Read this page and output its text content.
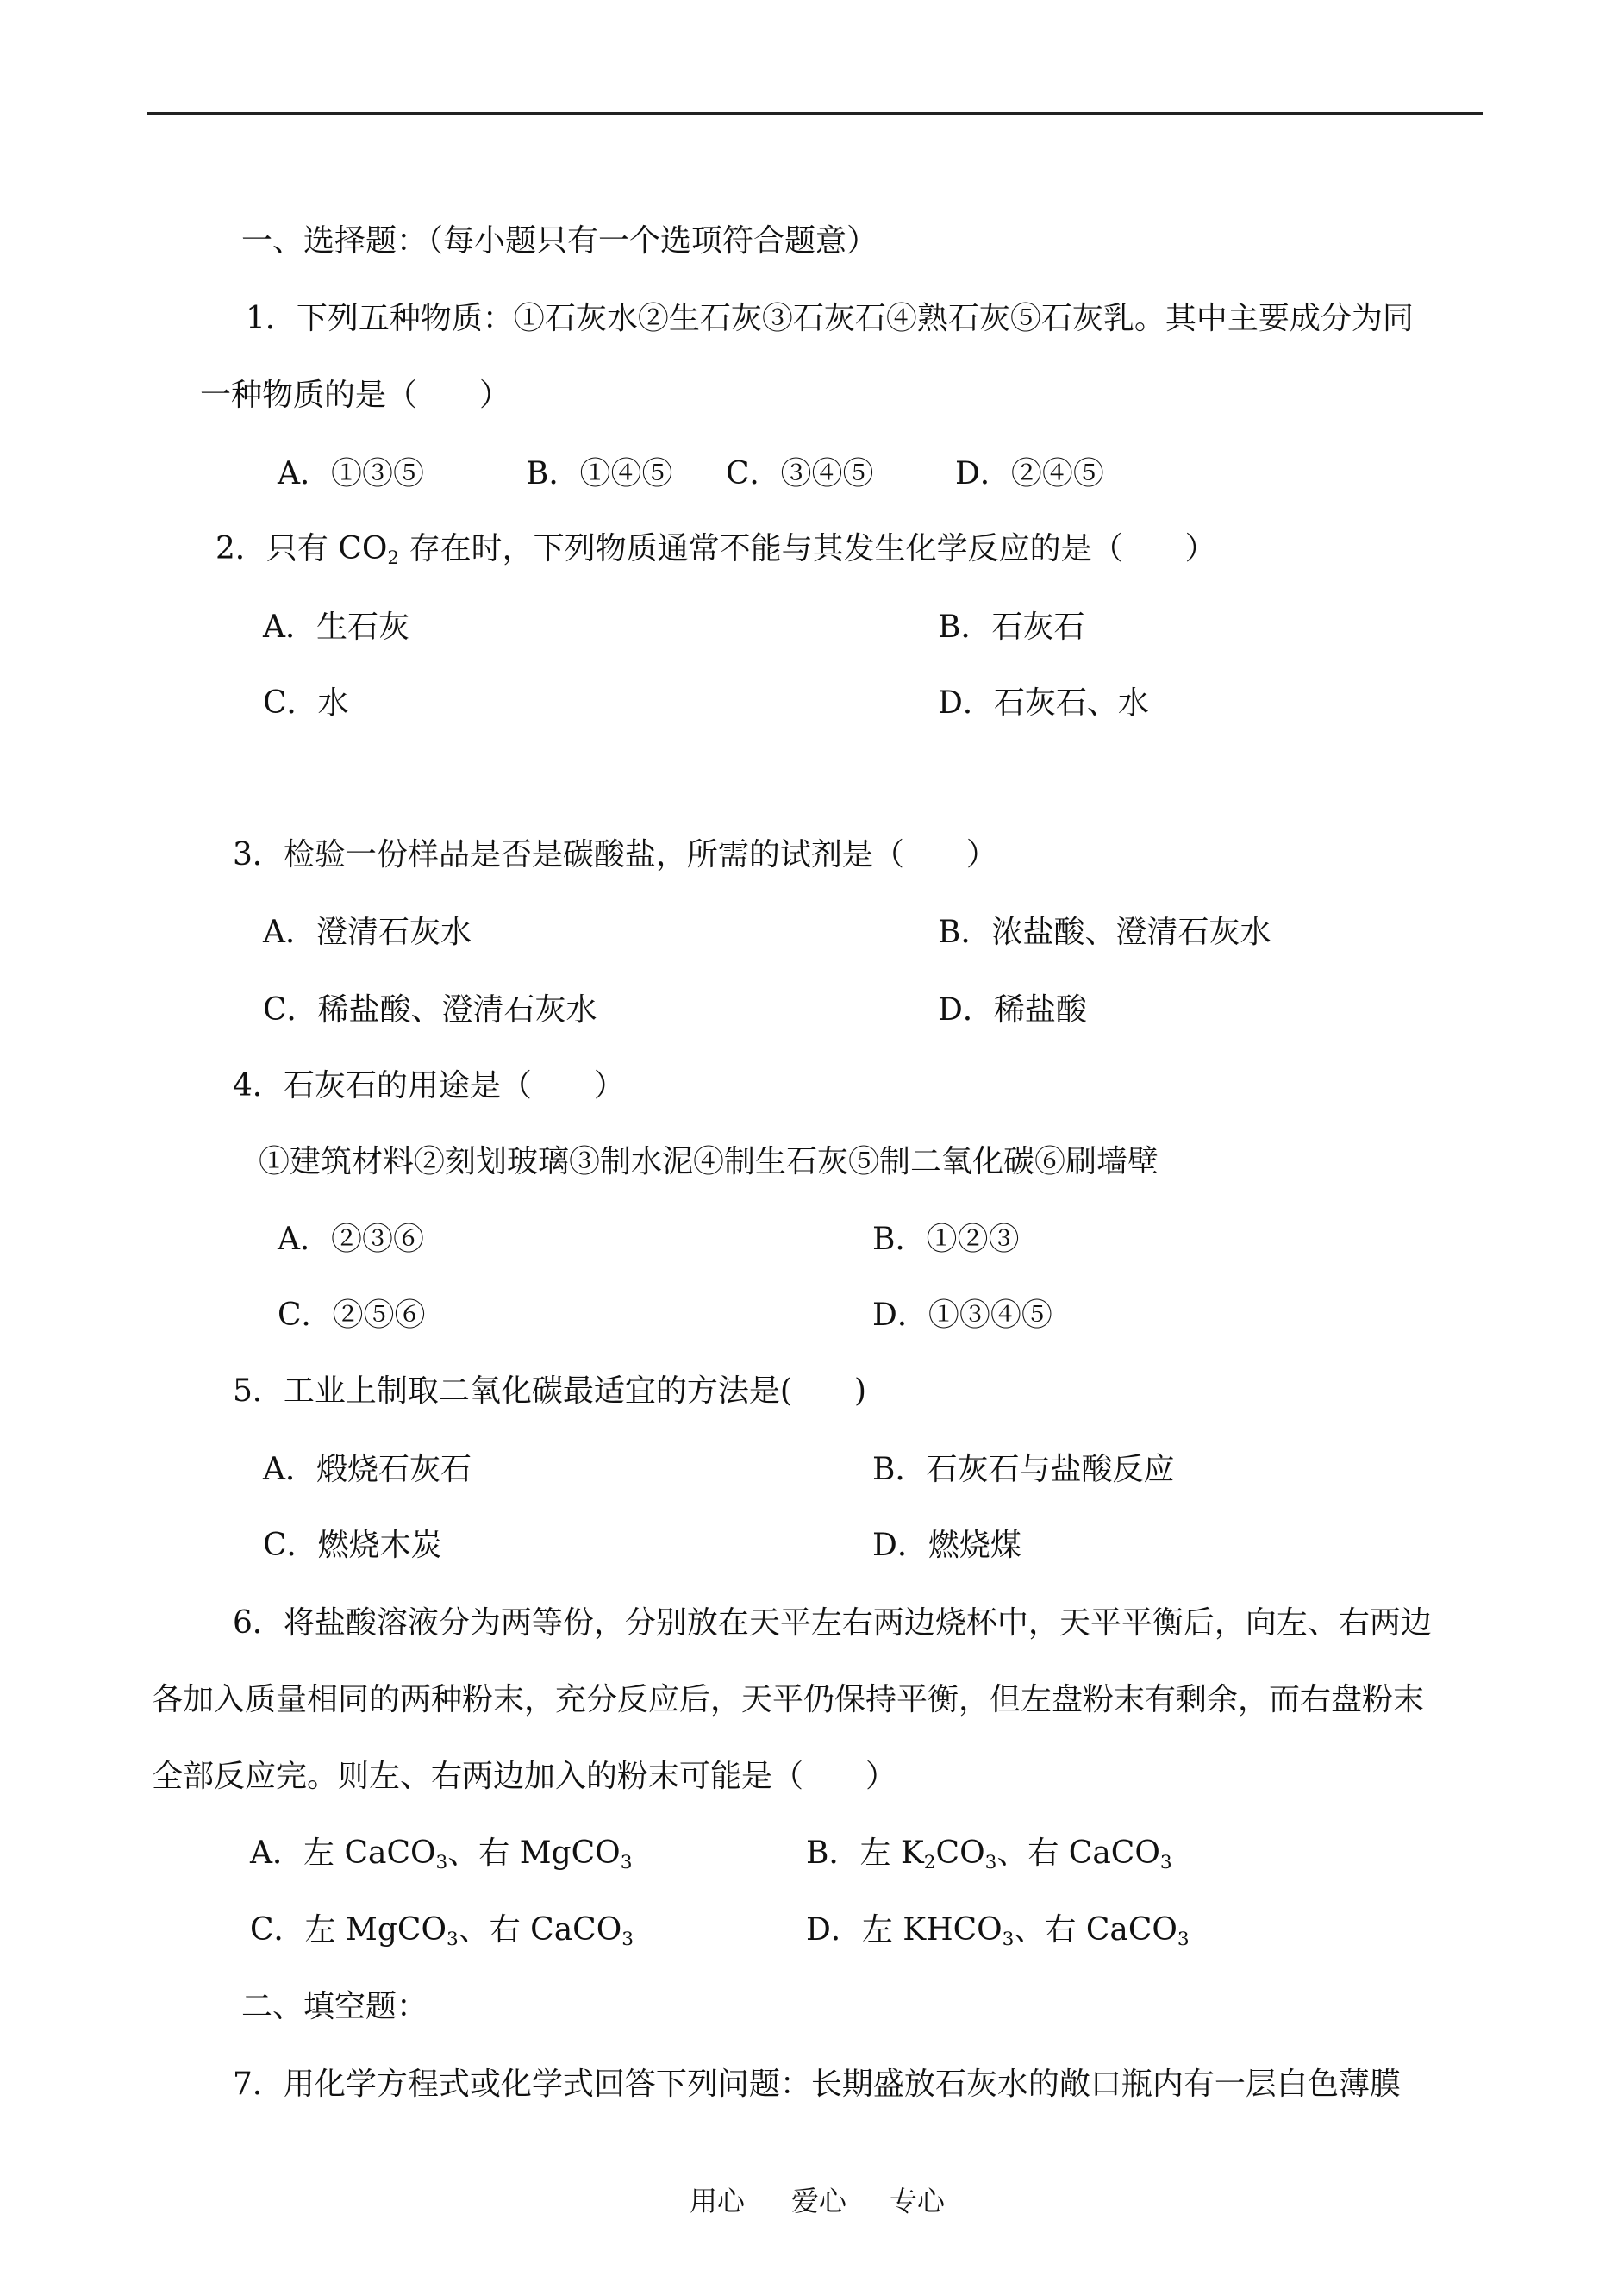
一、选择题：（每小题只有一个选项符合题意）
1．下列五种物质：①石灰水②生石灰③石灰石④熟石灰⑤石灰乳。其中主要成分为同
一种物质的是（　　）
A．①③⑤	B．①④⑤ C．③④⑤	D．②④⑤
2．只有 $CO_2$ 存在时，下列物质通常不能与其发生化学反应的是（　　）
A．生石灰	B．石灰石
C．水	D．石灰石、水
3．检验一份样品是否是碳酸盐，所需的试剂是（　　）
A．澄清石灰水	B．浓盐酸、澄清石灰水
C．稀盐酸、澄清石灰水	D．稀盐酸
4．石灰石的用途是（　　）
①建筑材料②刻划玻璃③制水泥④制生石灰⑤制二氧化碳⑥刷墙壁
A．②③⑥	B．①②③
C．②⑤⑥	D．①③④⑤
5．工业上制取二氧化碳最适宜的方法是(　　)
A．煅烧石灰石	B．石灰石与盐酸反应
C．燃烧木炭	D．燃烧煤
6．将盐酸溶液分为两等份，分别放在天平左右两边烧杯中，天平平衡后，向左、右两边
各加入质量相同的两种粉末，充分反应后，天平仍保持平衡，但左盘粉末有剩余，而右盘粉末
全部反应完。则左、右两边加入的粉末可能是（　　）
A．左 CaCO$_3$、右 MgCO$_3$	B．左 $K_2CO_3$、右 CaCO$_3$
C．左 MgCO$_3$、右 CaCO$_3$	D．左 $KHCO_3$、右 CaCO$_3$
二、填空题：
7．用化学方程式或化学式回答下列问题：长期盛放石灰水的敞口瓶内有一层白色薄膜
用心 爱心 专心
